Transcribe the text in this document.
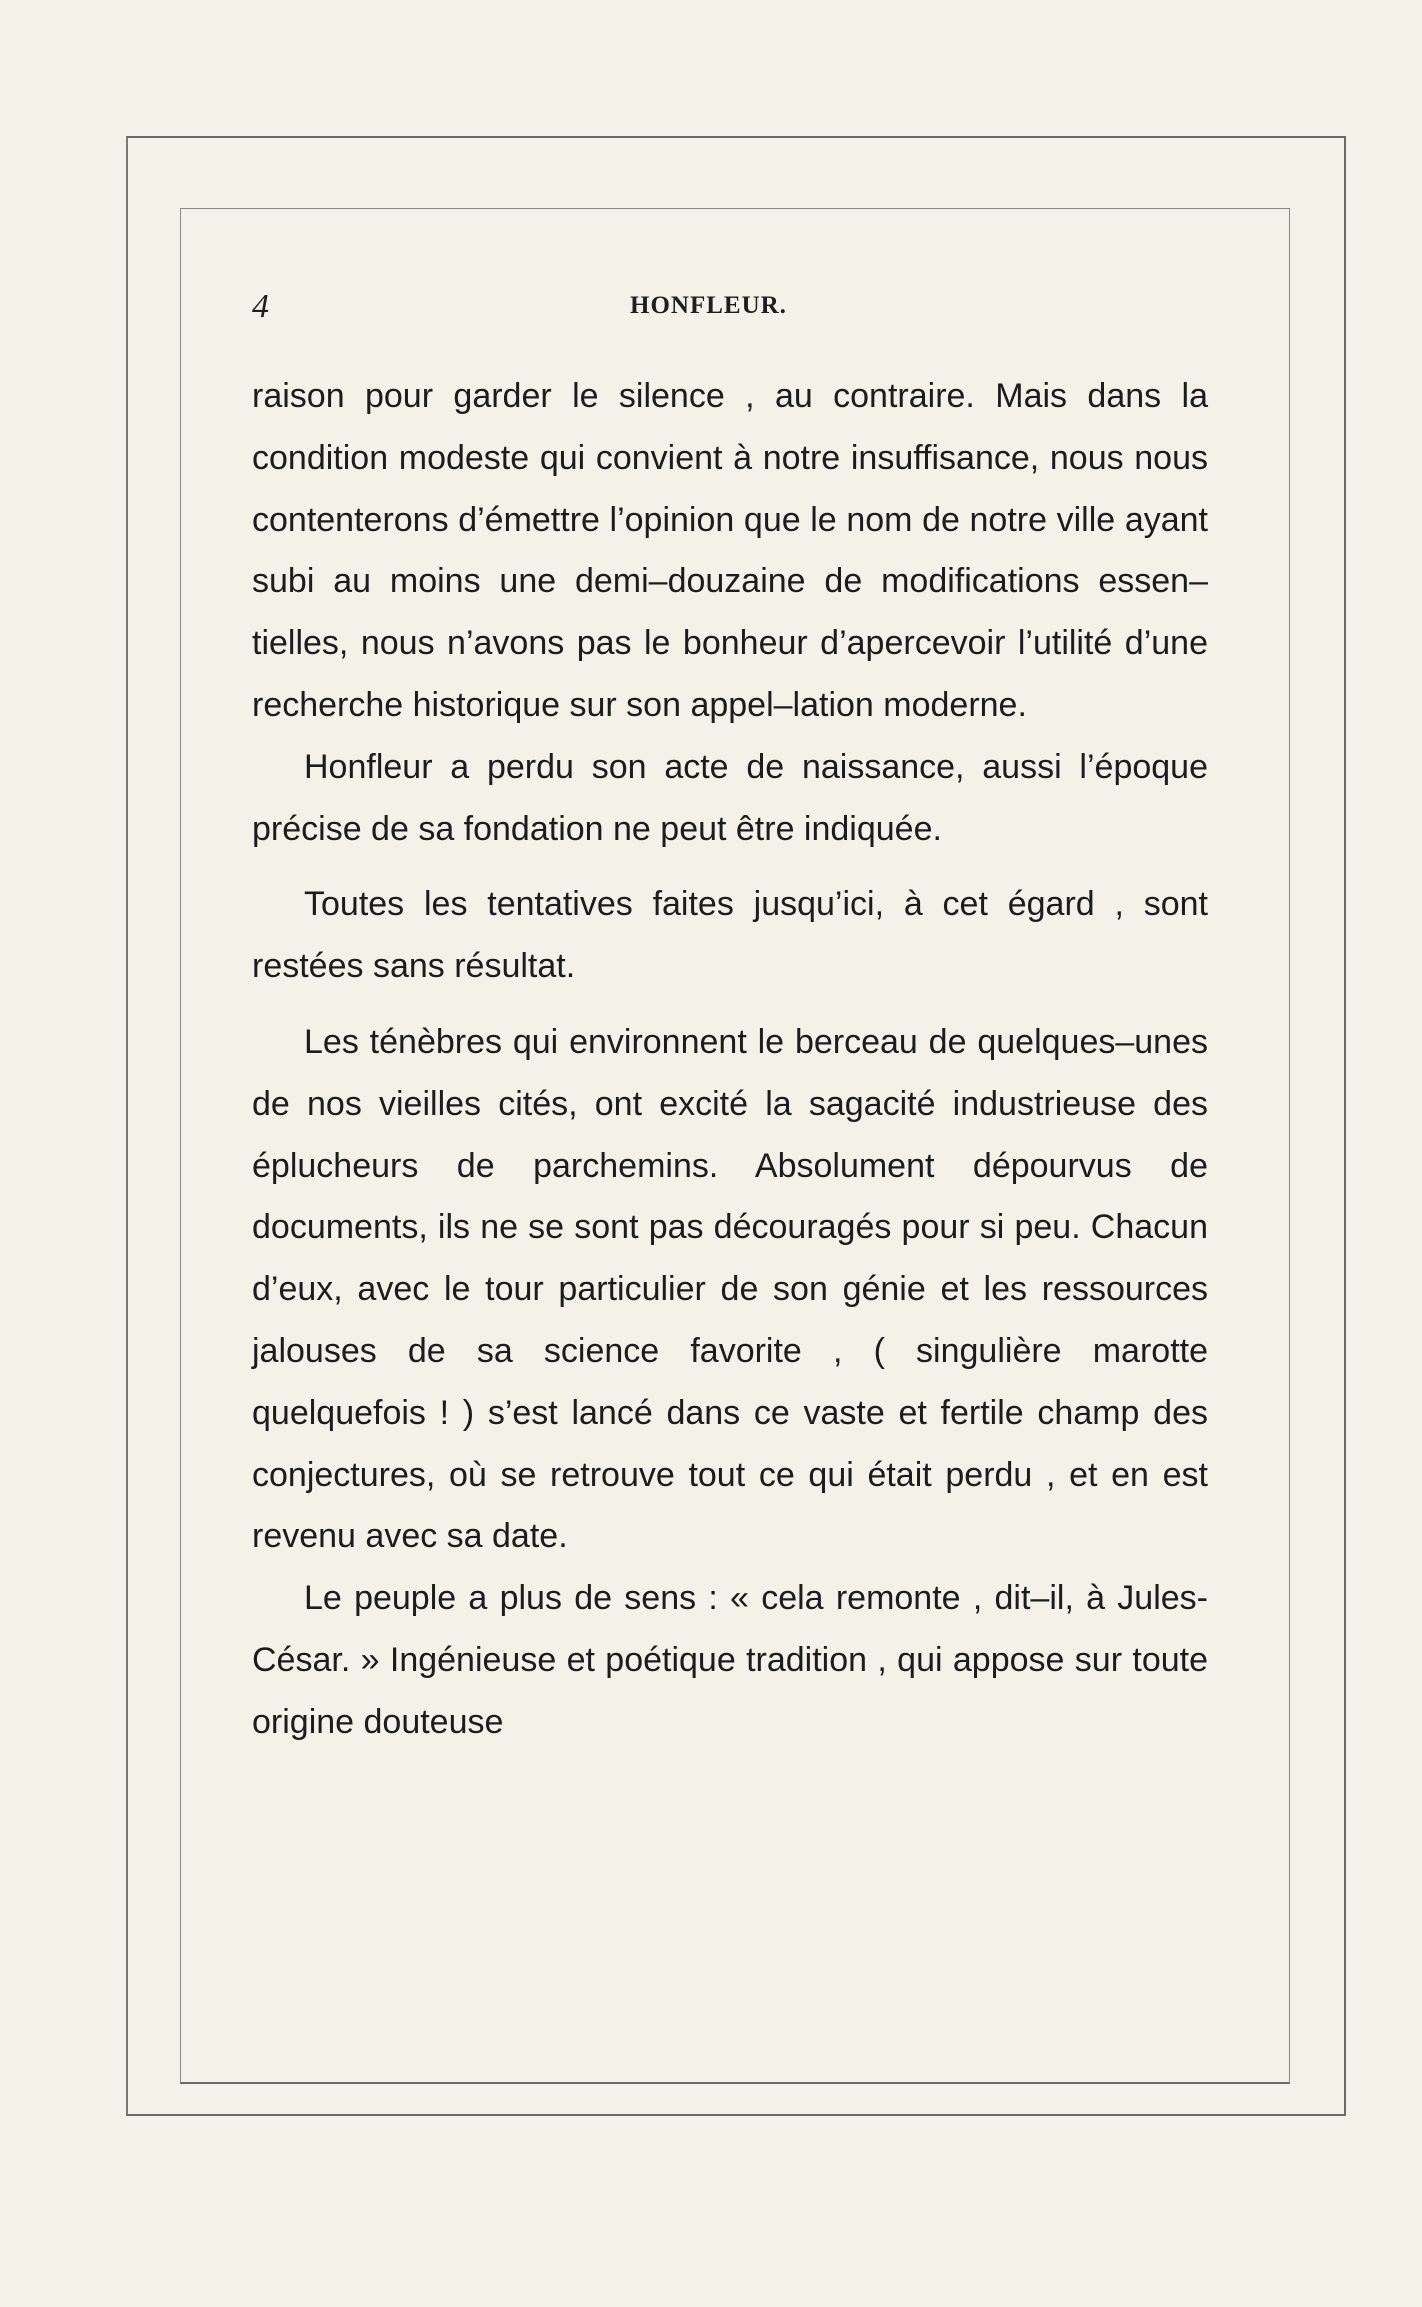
4	HONFLEUR.

raison pour garder le silence , au contraire. Mais dans la condition modeste qui convient à notre insuffisance, nous nous contenterons d’émettre l’opinion que le nom de notre ville ayant subi au moins une demi–douzaine de modifications essen–tielles, nous n’avons pas le bonheur d’apercevoir l’utilité d’une recherche historique sur son appel–lation moderne.

Honfleur a perdu son acte de naissance, aussi l’époque précise de sa fondation ne peut être indiquée.

Toutes les tentatives faites jusqu’ici, à cet égard , sont restées sans résultat.

Les ténèbres qui environnent le berceau de quelques–unes de nos vieilles cités, ont excité la sagacité industrieuse des éplucheurs de parchemins. Absolument dépourvus de documents, ils ne se sont pas découragés pour si peu. Chacun d’eux, avec le tour particulier de son génie et les ressources jalouses de sa science favorite , ( singulière marotte quelquefois ! ) s’est lancé dans ce vaste et fertile champ des conjectures, où se retrouve tout ce qui était perdu , et en est revenu avec sa date.

Le peuple a plus de sens : « cela remonte , dit–il, à Jules-César. » Ingénieuse et poétique tradition , qui appose sur toute origine douteuse
